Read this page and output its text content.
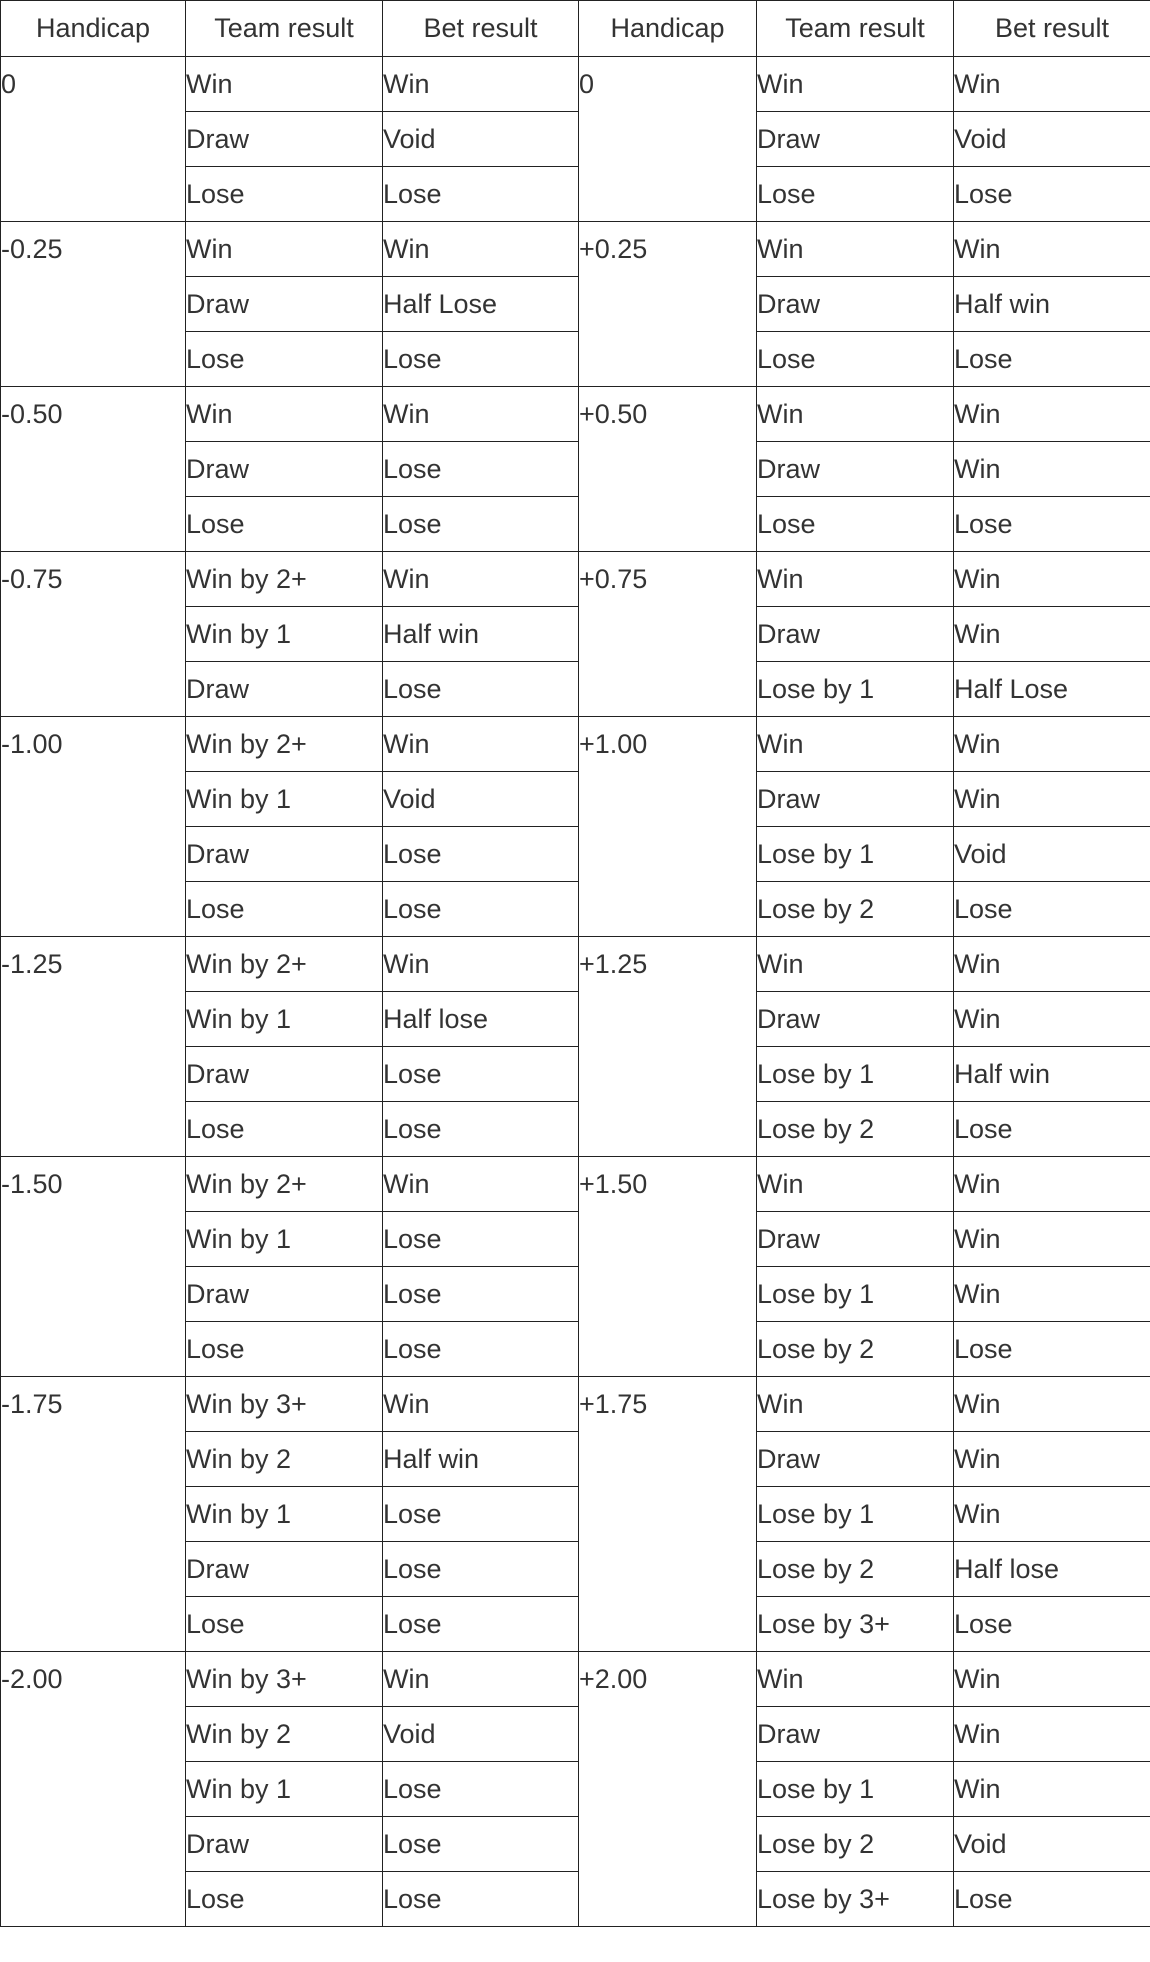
Handicap	Team result	Bet result	Handicap	Team result	Bet result
0	Win	Win	0	Win	Win
	Draw	Void		Draw	Void
	Lose	Lose		Lose	Lose
-0.25	Win	Win	+0.25	Win	Win
	Draw	Half Lose		Draw	Half win
	Lose	Lose		Lose	Lose
-0.50	Win	Win	+0.50	Win	Win
	Draw	Lose		Draw	Win
	Lose	Lose		Lose	Lose
-0.75	Win by 2+	Win	+0.75	Win	Win
	Win by 1	Half win		Draw	Win
	Draw	Lose		Lose by 1	Half Lose
-1.00	Win by 2+	Win	+1.00	Win	Win
	Win by 1	Void		Draw	Win
	Draw	Lose		Lose by 1	Void
	Lose	Lose		Lose by 2	Lose
-1.25	Win by 2+	Win	+1.25	Win	Win
	Win by 1	Half lose		Draw	Win
	Draw	Lose		Lose by 1	Half win
	Lose	Lose		Lose by 2	Lose
-1.50	Win by 2+	Win	+1.50	Win	Win
	Win by 1	Lose		Draw	Win
	Draw	Lose		Lose by 1	Win
	Lose	Lose		Lose by 2	Lose
-1.75	Win by 3+	Win	+1.75	Win	Win
	Win by 2	Half win		Draw	Win
	Win by 1	Lose		Lose by 1	Win
	Draw	Lose		Lose by 2	Half lose
	Lose	Lose		Lose by 3+	Lose
-2.00	Win by 3+	Win	+2.00	Win	Win
	Win by 2	Void		Draw	Win
	Win by 1	Lose		Lose by 1	Win
	Draw	Lose		Lose by 2	Void
	Lose	Lose		Lose by 3+	Lose
